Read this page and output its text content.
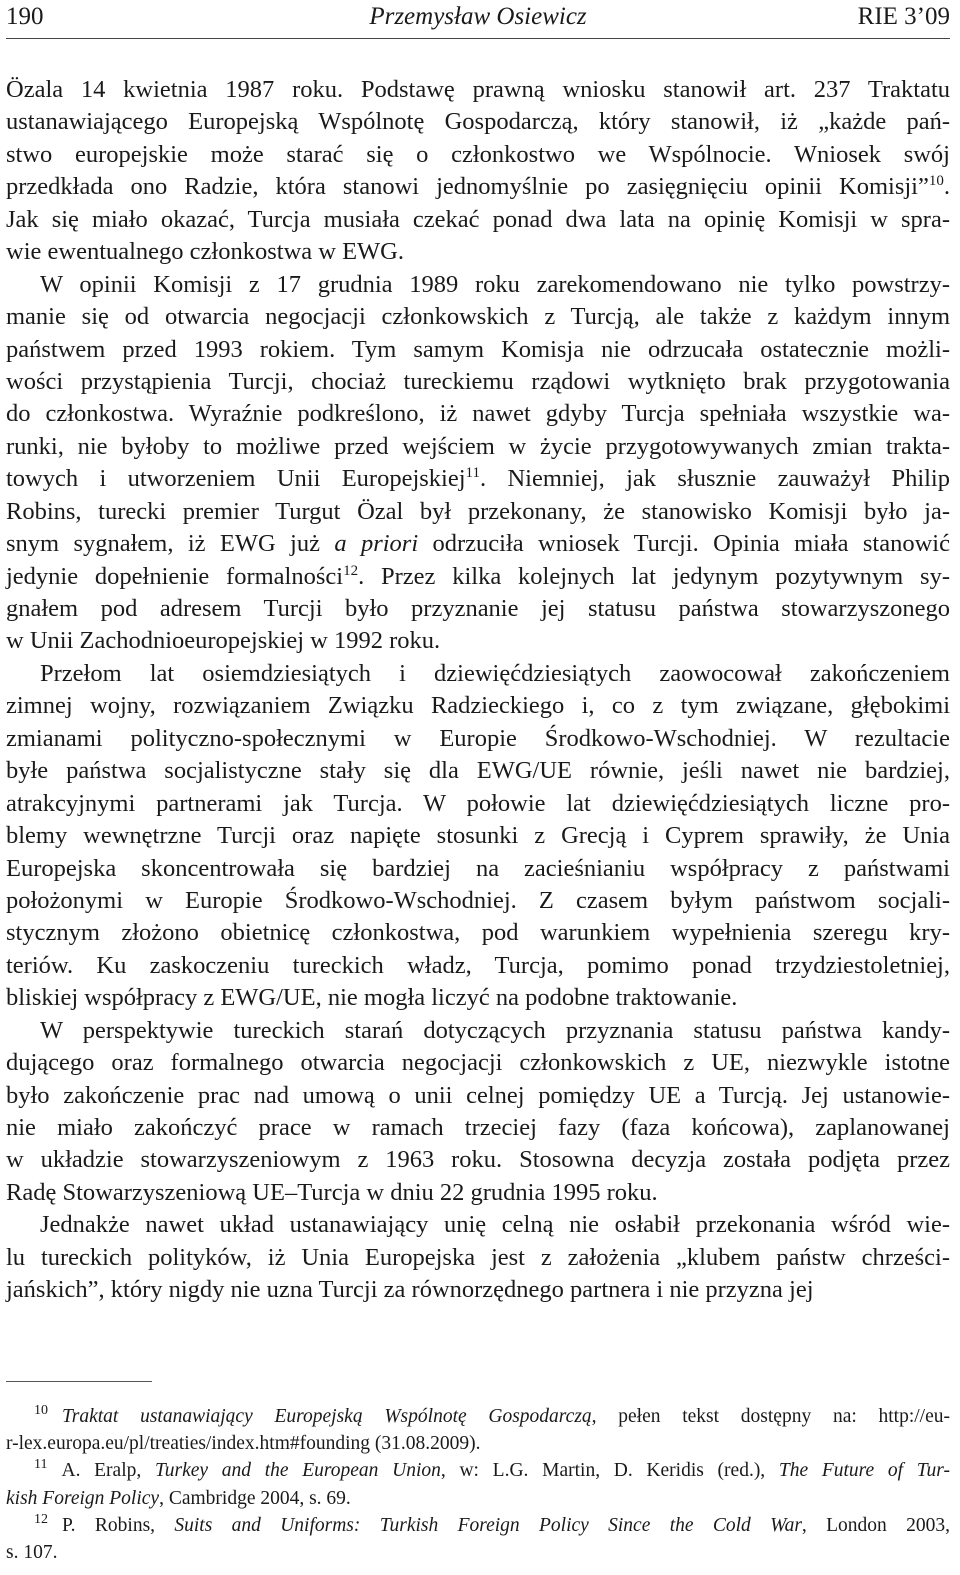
190	Przemysław Osiewicz	RIE 3’09
Özala 14 kwietnia 1987 roku. Podstawę prawną wniosku stanowił art. 237 Traktatu
ustanawiającego Europejską Wspólnotę Gospodarczą, który stanowił, iż „każde pań-
stwo europejskie może starać się o członkostwo we Wspólnocie. Wniosek swój
przedkłada ono Radzie, która stanowi jednomyślnie po zasięgnięciu opinii Komisji”$^{10}$.
Jak się miało okazać, Turcja musiała czekać ponad dwa lata na opinię Komisji w spra-
wie ewentualnego członkostwa w EWG.
W opinii Komisji z 17 grudnia 1989 roku zarekomendowano nie tylko powstrzy-
manie się od otwarcia negocjacji członkowskich z Turcją, ale także z każdym innym
państwem przed 1993 rokiem. Tym samym Komisja nie odrzucała ostatecznie możli-
wości przystąpienia Turcji, chociaż tureckiemu rządowi wytknięto brak przygotowania
do członkostwa. Wyraźnie podkreślono, iż nawet gdyby Turcja spełniała wszystkie wa-
runki, nie byłoby to możliwe przed wejściem w życie przygotowywanych zmian trakta-
towych i utworzeniem Unii Europejskiej$^{11}$. Niemniej, jak słusznie zauważył Philip
Robins, turecki premier Turgut Özal był przekonany, że stanowisko Komisji było ja-
snym sygnałem, iż EWG już a priori odrzuciła wniosek Turcji. Opinia miała stanowić
jedynie dopełnienie formalności$^{12}$. Przez kilka kolejnych lat jedynym pozytywnym sy-
gnałem pod adresem Turcji było przyznanie jej statusu państwa stowarzyszonego
w Unii Zachodnioeuropejskiej w 1992 roku.
Przełom lat osiemdziesiątych i dziewięćdziesiątych zaowocował zakończeniem
zimnej wojny, rozwiązaniem Związku Radzieckiego i, co z tym związane, głębokimi
zmianami polityczno-społecznymi w Europie Środkowo-Wschodniej. W rezultacie
byłe państwa socjalistyczne stały się dla EWG/UE równie, jeśli nawet nie bardziej,
atrakcyjnymi partnerami jak Turcja. W połowie lat dziewięćdziesiątych liczne pro-
blemy wewnętrzne Turcji oraz napięte stosunki z Grecją i Cyprem sprawiły, że Unia
Europejska skoncentrowała się bardziej na zacieśnianiu współpracy z państwami
położonymi w Europie Środkowo-Wschodniej. Z czasem byłym państwom socjali-
stycznym złożono obietnicę członkostwa, pod warunkiem wypełnienia szeregu kry-
teriów. Ku zaskoczeniu tureckich władz, Turcja, pomimo ponad trzydziestoletniej,
bliskiej współpracy z EWG/UE, nie mogła liczyć na podobne traktowanie.
W perspektywie tureckich starań dotyczących przyznania statusu państwa kandy-
dującego oraz formalnego otwarcia negocjacji członkowskich z UE, niezwykle istotne
było zakończenie prac nad umową o unii celnej pomiędzy UE a Turcją. Jej ustanowie-
nie miało zakończyć prace w ramach trzeciej fazy (faza końcowa), zaplanowanej
w układzie stowarzyszeniowym z 1963 roku. Stosowna decyzja została podjęta przez
Radę Stowarzyszeniową UE–Turcja w dniu 22 grudnia 1995 roku.
Jednakże nawet układ ustanawiający unię celną nie osłabił przekonania wśród wie-
lu tureckich polityków, iż Unia Europejska jest z założenia „klubem państw chrześci-
jańskich”, który nigdy nie uzna Turcji za równorzędnego partnera i nie przyzna jej
$^{10}$ Traktat ustanawiający Europejską Wspólnotę Gospodarczą, pełen tekst dostępny na: http://eu-
r-lex.europa.eu/pl/treaties/index.htm#founding (31.08.2009).
$^{11}$ A. Eralp, Turkey and the European Union, w: L.G. Martin, D. Keridis (red.), The Future of Tur-
kish Foreign Policy, Cambridge 2004, s. 69.
$^{12}$ P. Robins, Suits and Uniforms: Turkish Foreign Policy Since the Cold War, London 2003,
s. 107.
